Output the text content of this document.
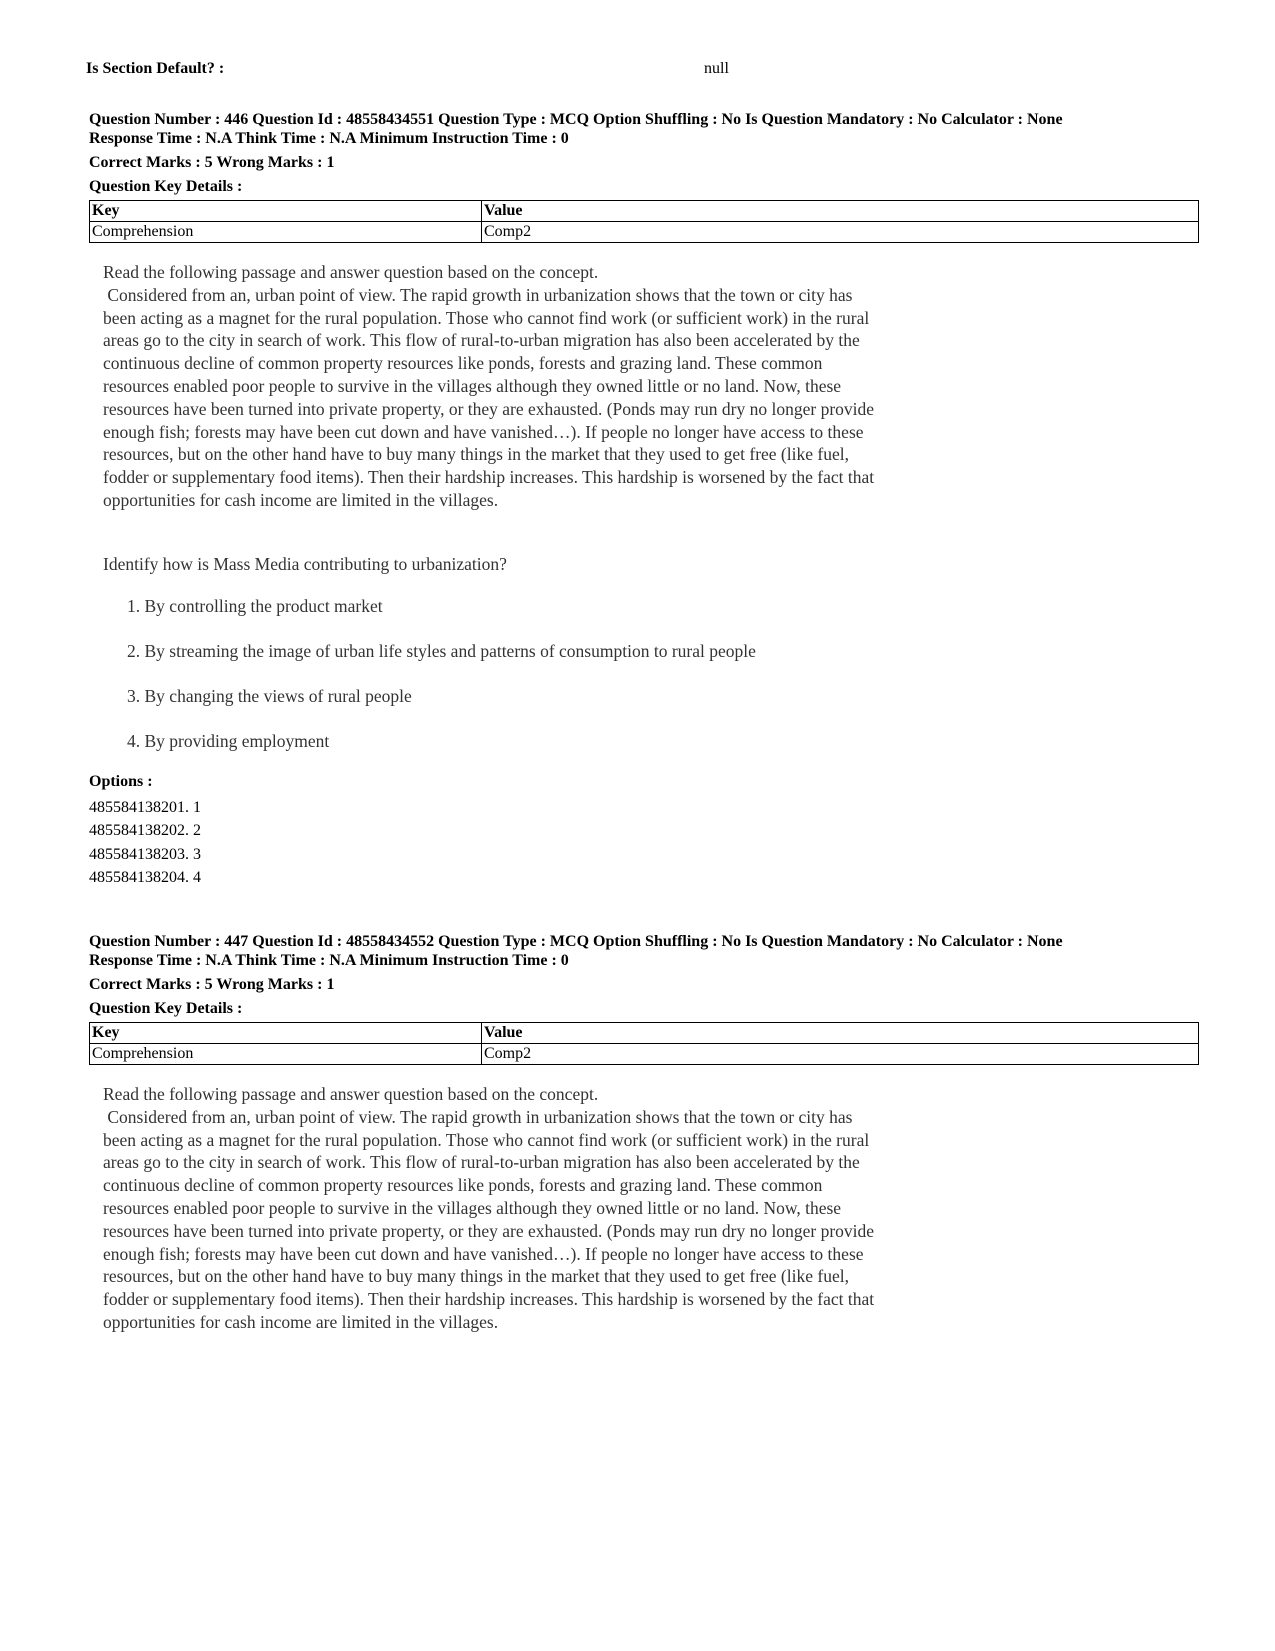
Is Section Default? :	null
Question Number : 446 Question Id : 48558434551 Question Type : MCQ Option Shuffling : No Is Question Mandatory : No Calculator : None
Response Time : N.A Think Time : N.A Minimum Instruction Time : 0
Correct Marks : 5 Wrong Marks : 1
Question Key Details :
Key	Value
Comprehension	Comp2

Read the following passage and answer question based on the concept.

Considered from an, urban point of view. The rapid growth in urbanization shows that the town or city has

been acting as a magnet for the rural population. Those who cannot find work (or sufficient work) in the rural

areas go to the city in search of work. This flow of rural-to-urban migration has also been accelerated by the

continuous decline of common property resources like ponds, forests and grazing land. These common

resources enabled poor people to survive in the villages although they owned little or no land. Now, these

resources have been turned into private property, or they are exhausted. (Ponds may run dry no longer provide

enough fish; forests may have been cut down and have vanished…). If people no longer have access to these

resources, but on the other hand have to buy many things in the market that they used to get free (like fuel,

fodder or supplementary food items). Then their hardship increases. This hardship is worsened by the fact that

opportunities for cash income are limited in the villages.

Identify how is Mass Media contributing to urbanization?
1. By controlling the product market
2. By streaming the image of urban life styles and patterns of consumption to rural people
3. By changing the views of rural people
4. By providing employment
Options :
485584138201. 1
485584138202. 2
485584138203. 3
485584138204. 4
Question Number : 447 Question Id : 48558434552 Question Type : MCQ Option Shuffling : No Is Question Mandatory : No Calculator : None
Response Time : N.A Think Time : N.A Minimum Instruction Time : 0
Correct Marks : 5 Wrong Marks : 1
Question Key Details :
Key	Value
Comprehension	Comp2

Read the following passage and answer question based on the concept.

Considered from an, urban point of view. The rapid growth in urbanization shows that the town or city has

been acting as a magnet for the rural population. Those who cannot find work (or sufficient work) in the rural

areas go to the city in search of work. This flow of rural-to-urban migration has also been accelerated by the

continuous decline of common property resources like ponds, forests and grazing land. These common

resources enabled poor people to survive in the villages although they owned little or no land. Now, these

resources have been turned into private property, or they are exhausted. (Ponds may run dry no longer provide

enough fish; forests may have been cut down and have vanished…). If people no longer have access to these

resources, but on the other hand have to buy many things in the market that they used to get free (like fuel,

fodder or supplementary food items). Then their hardship increases. This hardship is worsened by the fact that

opportunities for cash income are limited in the villages.
